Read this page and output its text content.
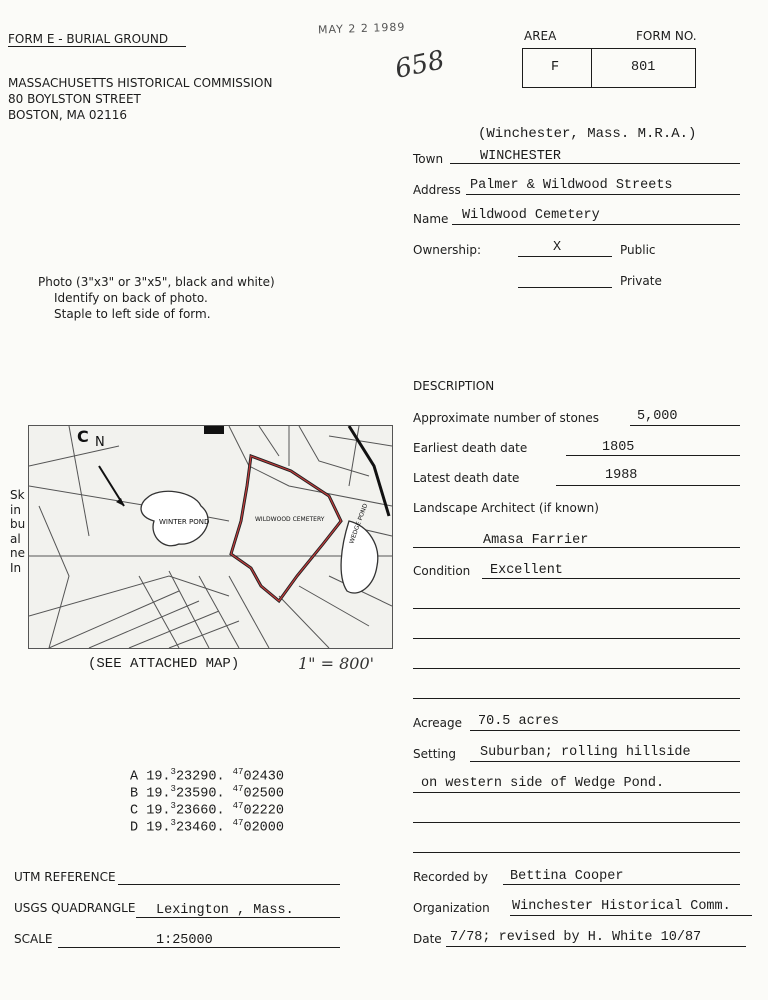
FORM E - BURIAL GROUND
MAY 2 2 1989
658
MASSACHUSETTS HISTORICAL COMMISSION
80 BOYLSTON STREET
BOSTON, MA 02116
AREA	FORM NO.
F	801
(Winchester, Mass. M.R.A.)
Town	WINCHESTER
Address Palmer & Wildwood Streets
Name Wildwood Cemetery
Ownership:	X	Public
Private
Photo (3"x3" or 3"x5", black and white)
Identify on back of photo.
Staple to left side of form.
Sk
in
bu
al
ne
In
C N
WINTER POND	WILDWOOD CEMETERY	WEDGE POND
(SEE ATTACHED MAP)	1" = 800'
DESCRIPTION
Approximate number of stones	5,000
Earliest death date	1805
Latest death date	1988
Landscape Architect (if known)
Amasa Farrier
Condition Excellent
Acreage 70.5 acres
Setting Suburban; rolling hillside
on western side of Wedge Pond.
A 19.$^3$23290. $^{47}$02430
B 19.$^3$23590. $^{47}$02500
C 19.$^3$23660. $^{47}$02220
D 19.$^3$23460. $^{47}$02000
UTM REFERENCE
USGS QUADRANGLE Lexington , Mass.
SCALE	1:25000
Recorded by Bettina Cooper
Organization Winchester Historical Comm.
Date 7/78; revised by H. White 10/87
